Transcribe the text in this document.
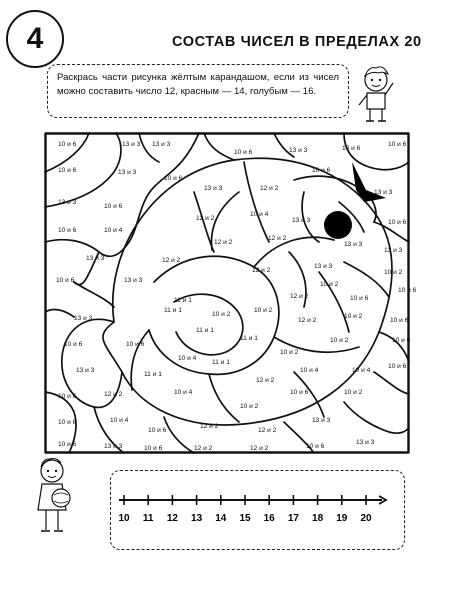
4	СОСТАВ ЧИСЕЛ В ПРЕДЕЛАХ 20
Раскрась части рисунка жёлтым карандашом, если из чисел можно составить число 12, красным — 14, голубым — 16.
10 и 6	13 и 3 13 и 3
10 и 6	13 и 3	10 и 6
10 и 6
10 и 6	13 и 3
10 и 6
13 и 3	12 и 2
10 и 6
13 и 3
10 и 6
13 и 3
10 и 6
12 и 2
10 и 4
13 и 3
13 и 3
10 и 6
10 и 6	10 и 4
12 и 2
12 и 2
13 и 3
13 и 3	12 и 2
12 и 2
11 и 1
13 и 3
10 и 6	13 и 3
11 и 1
12 и 2
10 и 2
10 и 6
10 и 6
10 и 2
13 и 3
11 и 1
10 и 2
10 и 2
12 и 2
10 и 2
10 и 6
10 и 6	10 и 6
10 и 4
11 и 1
10 и 2
10 и 2
10 и 6
13 и 3
11 и 1
11 и 1
12 и 2
10 и 4	10 и 4
10 и 6	12 и 2	10 и 4
10 и 2
10 и 6	10 и 2
10 и 6	10 и 4
10 и 6
12 и 2
12 и 2
13 и 3
10 и 6	13 и 3	10 и 6	12 и 2	12 и 2	10 и 6
13 и 3
10 11 12 13 14 15 16 17 18 19 20
